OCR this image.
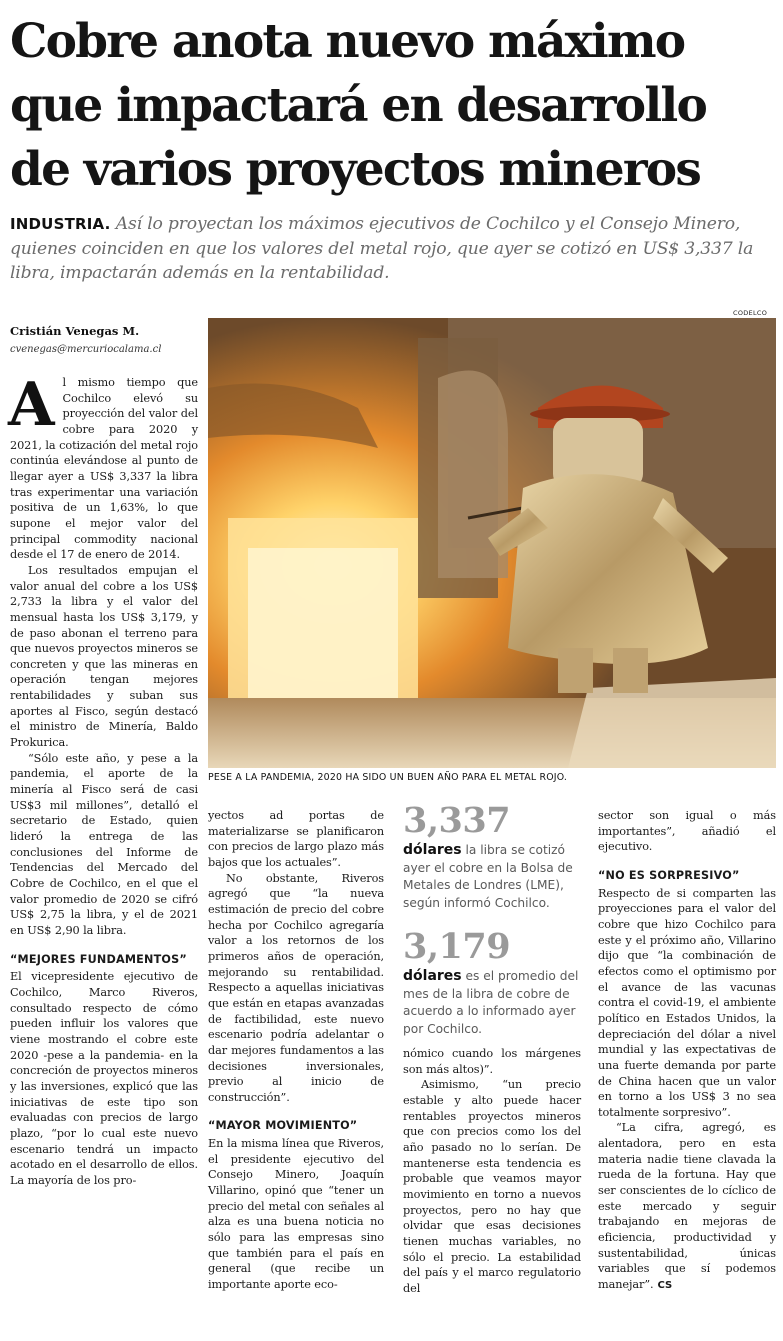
Cobre anota nuevo máximo que impactará en desarrollo de varios proyectos mineros

INDUSTRIA. Así lo proyectan los máximos ejecutivos de Cochilco y el Consejo Minero, quienes coinciden en que los valores del metal rojo, que ayer se cotizó en US$ 3,337 la libra, impactarán además en la rentabilidad.

Cristián Venegas M.
cvenegas@mercuriocalama.cl
CODELCO
PESE A LA PANDEMIA, 2020 HA SIDO UN BUEN AÑO PARA EL METAL ROJO.
A l mismo tiempo que Cochilco elevó su proyección del valor del cobre para 2020 y 2021, la cotización del metal rojo continúa elevándose al punto de llegar ayer a US$ 3,337 la libra tras experimentar una variación positiva de un 1,63%, lo que supone el mejor valor del principal commodity nacional desde el 17 de enero de 2014.

Los resultados empujan el valor anual del cobre a los US$ 2,733 la libra y el valor del mensual hasta los US$ 3,179, y de paso abonan el terreno para que nuevos proyectos mineros se concreten y que las mineras en operación tengan mejores rentabilidades y suban sus aportes al Fisco, según destacó el ministro de Minería, Baldo Prokurica.

“Sólo este año, y pese a la pandemia, el aporte de la minería al Fisco será de casi US$3 mil millones”, detalló el secretario de Estado, quien lideró la entrega de las conclusiones del Informe de Tendencias del Mercado del Cobre de Cochilco, en el que el valor promedio de 2020 se cifró US$ 2,75 la libra, y el de 2021 en US$ 2,90 la libra.

“MEJORES FUNDAMENTOS”

El vicepresidente ejecutivo de Cochilco, Marco Riveros, consultado respecto de cómo pueden influir los valores que viene mostrando el cobre este 2020 -pese a la pandemia- en la concreción de proyectos mineros y las inversiones, explicó que las iniciativas de este tipo son evaluadas con precios de largo plazo, “por lo cual este nuevo escenario tendrá un impacto acotado en el desarrollo de ellos. La mayoría de los pro-

yectos ad portas de materializarse se planificaron con precios de largo plazo más bajos que los actuales”.

No obstante, Riveros agregó que “la nueva estimación de precio del cobre hecha por Cochilco agregaría valor a los retornos de los primeros años de operación, mejorando su rentabilidad. Respecto a aquellas iniciativas que están en etapas avanzadas de factibilidad, este nuevo escenario podría adelantar o dar mejores fundamentos a las decisiones inversionales, previo al inicio de construcción”.

“MAYOR MOVIMIENTO”

En la misma línea que Riveros, el presidente ejecutivo del Consejo Minero, Joaquín Villarino, opinó que “tener un precio del metal con señales al alza es una buena noticia no sólo para las empresas sino que también para el país en general (que recibe un importante aporte eco-

3,337
dólares la libra se cotizó ayer el cobre en la Bolsa de Metales de Londres (LME), según informó Cochilco.
3,179
dólares es el promedio del mes de la libra de cobre de acuerdo a lo informado ayer por Cochilco.

nómico cuando los márgenes son más altos)”.

Asimismo, “un precio estable y alto puede hacer rentables proyectos mineros que con precios como los del año pasado no lo serían. De mantenerse esta tendencia es probable que veamos mayor movimiento en torno a nuevos proyectos, pero no hay que olvidar que esas decisiones tienen muchas variables, no sólo el precio. La estabilidad del país y el marco regulatorio del

sector son igual o más importantes”, añadió el ejecutivo.

“NO ES SORPRESIVO”

Respecto de si comparten las proyecciones para el valor del cobre que hizo Cochilco para este y el próximo año, Villarino dijo que “la combinación de efectos como el optimismo por el avance de las vacunas contra el covid-19, el ambiente político en Estados Unidos, la depreciación del dólar a nivel mundial y las expectativas de una fuerte demanda por parte de China hacen que un valor en torno a los US$ 3 no sea totalmente sorpresivo”.

“La cifra, agregó, es alentadora, pero en esta materia nadie tiene clavada la rueda de la fortuna. Hay que ser conscientes de lo cíclico de este mercado y seguir trabajando en mejoras de eficiencia, productividad y sustentabilidad, únicas variables que sí podemos manejar”. CS
